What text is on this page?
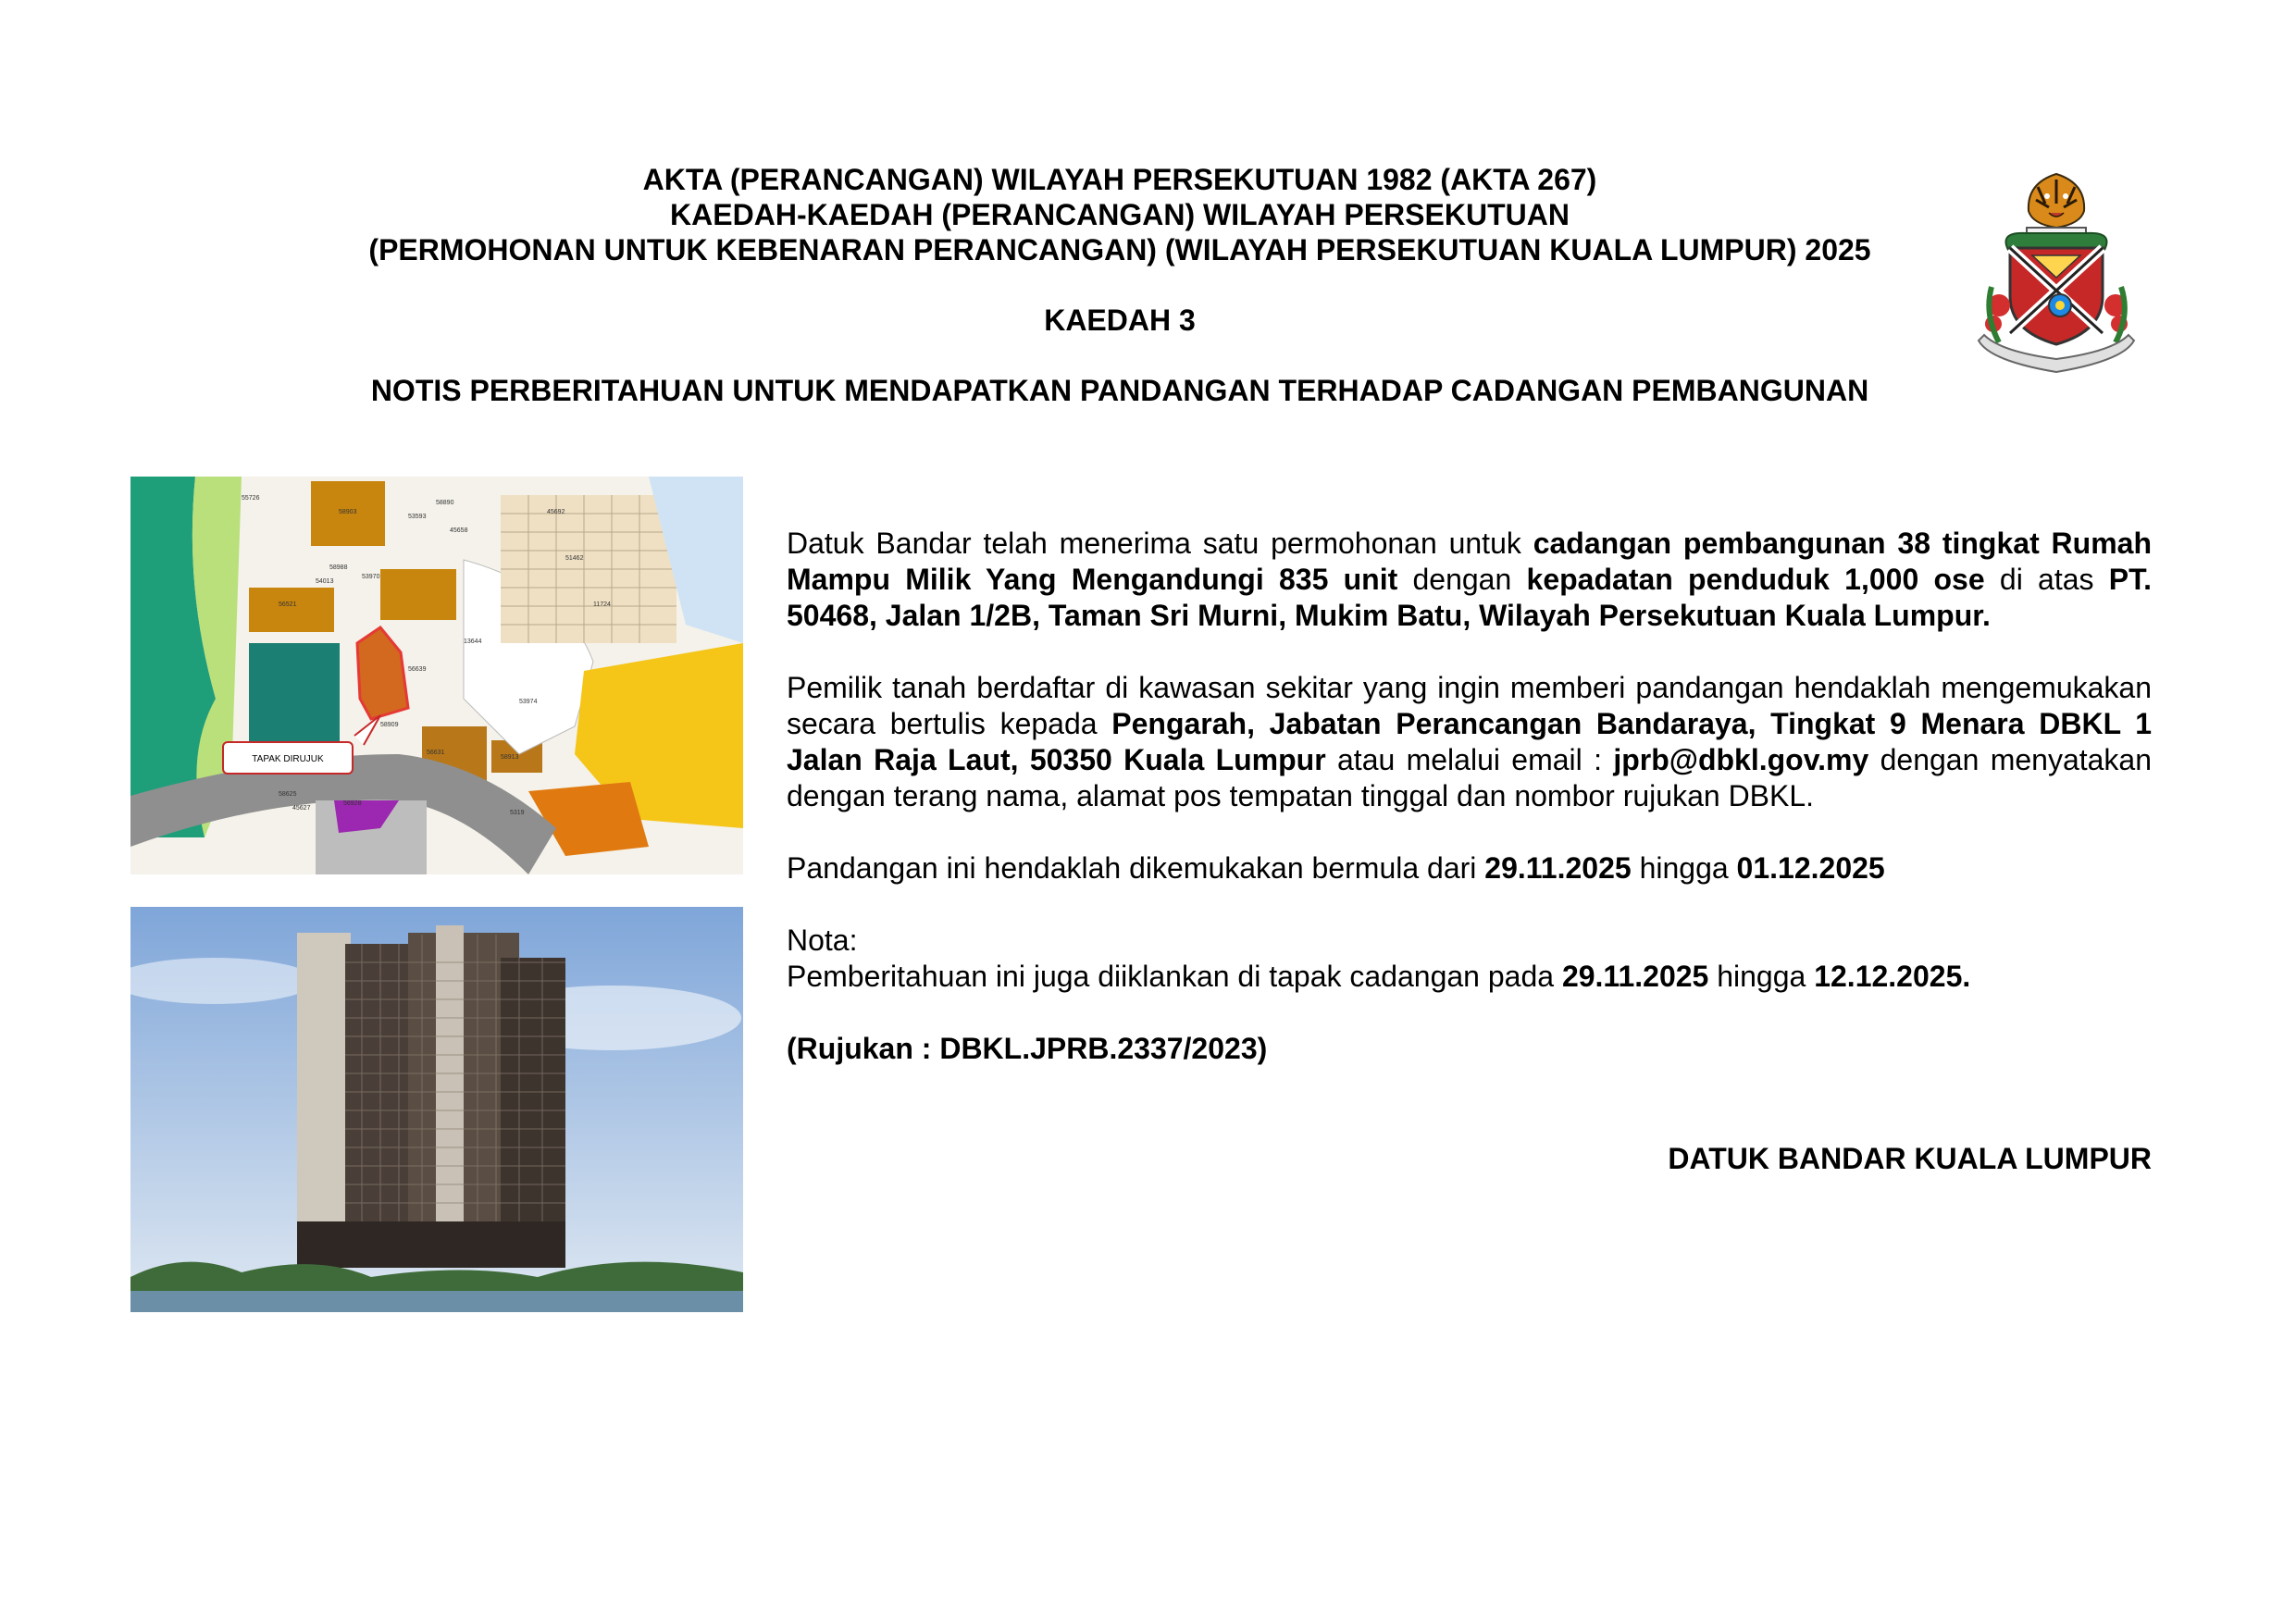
AKTA (PERANCANGAN) WILAYAH PERSEKUTUAN 1982 (AKTA 267)
KAEDAH-KAEDAH (PERANCANGAN) WILAYAH PERSEKUTUAN
(PERMOHONAN UNTUK KEBENARAN PERANCANGAN) (WILAYAH PERSEKUTUAN KUALA LUMPUR) 2025
KAEDAH 3
NOTIS PERBERITAHUAN UNTUK MENDAPATKAN PANDANGAN TERHADAP CADANGAN PEMBANGUNAN
55726
58903
53593
58890
45658
58988
54013
53970
56521
13644
56639
58909
56631
58913
53974
56928
45627
58625
45692
51462
11724
5319
TAPAK DIRUJUK

Datuk Bandar telah menerima satu permohonan untuk cadangan pembangunan 38 tingkat Rumah Mampu Milik Yang Mengandungi 835 unit dengan kepadatan penduduk 1,000 ose di atas PT. 50468, Jalan 1/2B, Taman Sri Murni, Mukim Batu, Wilayah Persekutuan Kuala Lumpur.

Pemilik tanah berdaftar di kawasan sekitar yang ingin memberi pandangan hendaklah mengemukakan secara bertulis kepada Pengarah, Jabatan Perancangan Bandaraya, Tingkat 9 Menara DBKL 1 Jalan Raja Laut, 50350 Kuala Lumpur atau melalui email : jprb@dbkl.gov.my dengan menyatakan dengan terang nama, alamat pos tempatan tinggal dan nombor rujukan DBKL.

Pandangan ini hendaklah dikemukakan bermula dari 29.11.2025 hingga 01.12.2025

Nota:

Pemberitahuan ini juga diiklankan di tapak cadangan pada 29.11.2025 hingga 12.12.2025.

(Rujukan : DBKL.JPRB.2337/2023)

DATUK BANDAR KUALA LUMPUR
